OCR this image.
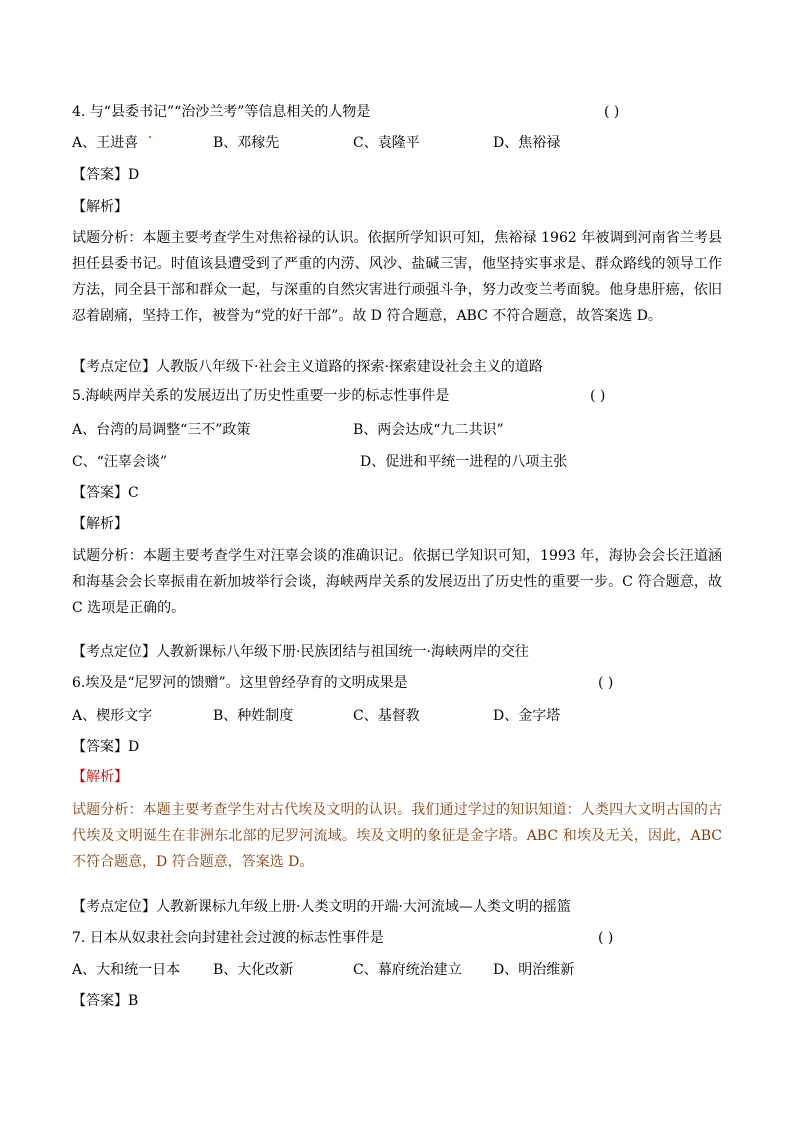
4. 与“县委书记”“治沙兰考”等信息相关的人物是	( )
A、王进喜	B、邓稼先	C、袁隆平	D、焦裕禄
【答案】D
【解析】
试题分析：本题主要考查学生对焦裕禄的认识。依据所学知识可知，焦裕禄 1962 年被调到河南省兰考县担任县委书记。时值该县遭受到了严重的内涝、风沙、盐碱三害，他坚持实事求是、群众路线的领导工作方法，同全县干部和群众一起，与深重的自然灾害进行顽强斗争，努力改变兰考面貌。他身患肝癌，依旧忍着剧痛，坚持工作，被誉为“党的好干部”。故 D 符合题意，ABC 不符合题意，故答案选 D。
【考点定位】人教版八年级下·社会主义道路的探索·探索建设社会主义的道路
5.海峡两岸关系的发展迈出了历史性重要一步的标志性事件是	( )
A、台湾的局调整“三不”政策	B、两会达成“九二共识”
C、“汪辜会谈”	D、促进和平统一进程的八项主张
【答案】C
【解析】
试题分析：本题主要考查学生对汪辜会谈的准确识记。依据已学知识可知，1993 年，海协会会长汪道涵和海基会会长辜振甫在新加坡举行会谈，海峡两岸关系的发展迈出了历史性的重要一步。C 符合题意，故 C 选项是正确的。
【考点定位】人教新课标八年级下册·民族团结与祖国统一·海峡两岸的交往
6.埃及是“尼罗河的馈赠”。这里曾经孕育的文明成果是	( )
A、楔形文字	B、种姓制度	C、基督教	D、金字塔
【答案】D
【解析】
试题分析：本题主要考查学生对古代埃及文明的认识。我们通过学过的知识知道：人类四大文明古国的古代埃及文明诞生在非洲东北部的尼罗河流域。埃及文明的象征是金字塔。ABC 和埃及无关，因此，ABC 不符合题意，D 符合题意，答案选 D。
【考点定位】人教新课标九年级上册·人类文明的开端·大河流域—人类文明的摇篮
7. 日本从奴隶社会向封建社会过渡的标志性事件是	( )
A、大和统一日本 B、大化改新	C、幕府统治建立 D、明治维新
【答案】B
